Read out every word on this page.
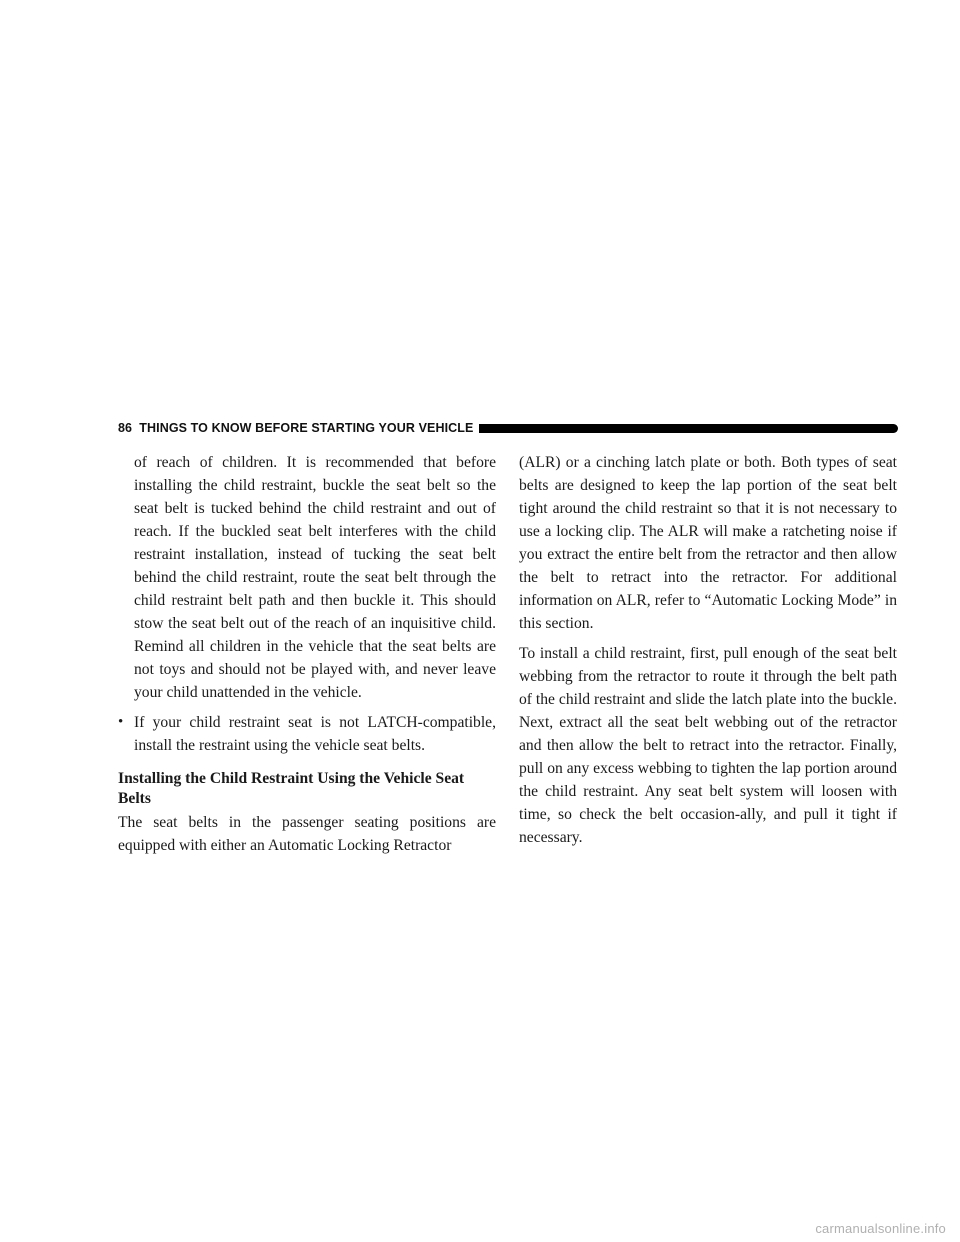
86 THINGS TO KNOW BEFORE STARTING YOUR VEHICLE

of reach of children. It is recommended that before installing the child restraint, buckle the seat belt so the seat belt is tucked behind the child restraint and out of reach. If the buckled seat belt interferes with the child restraint installation, instead of tucking the seat belt behind the child restraint, route the seat belt through the child restraint belt path and then buckle it. This should stow the seat belt out of the reach of an inquisitive child. Remind all children in the vehicle that the seat belts are not toys and should not be played with, and never leave your child unattended in the vehicle.

• If your child restraint seat is not LATCH-compatible, install the restraint using the vehicle seat belts.
Installing the Child Restraint Using the Vehicle Seat Belts

The seat belts in the passenger seating positions are equipped with either an Automatic Locking Retractor

(ALR) or a cinching latch plate or both. Both types of seat belts are designed to keep the lap portion of the seat belt tight around the child restraint so that it is not necessary to use a locking clip. The ALR will make a ratcheting noise if you extract the entire belt from the retractor and then allow the belt to retract into the retractor. For additional information on ALR, refer to “Automatic Locking Mode” in this section.

To install a child restraint, first, pull enough of the seat belt webbing from the retractor to route it through the belt path of the child restraint and slide the latch plate into the buckle. Next, extract all the seat belt webbing out of the retractor and then allow the belt to retract into the retractor. Finally, pull on any excess webbing to tighten the lap portion around the child restraint. Any seat belt system will loosen with time, so check the belt occasion-ally, and pull it tight if necessary.

carmanualsonline.info
